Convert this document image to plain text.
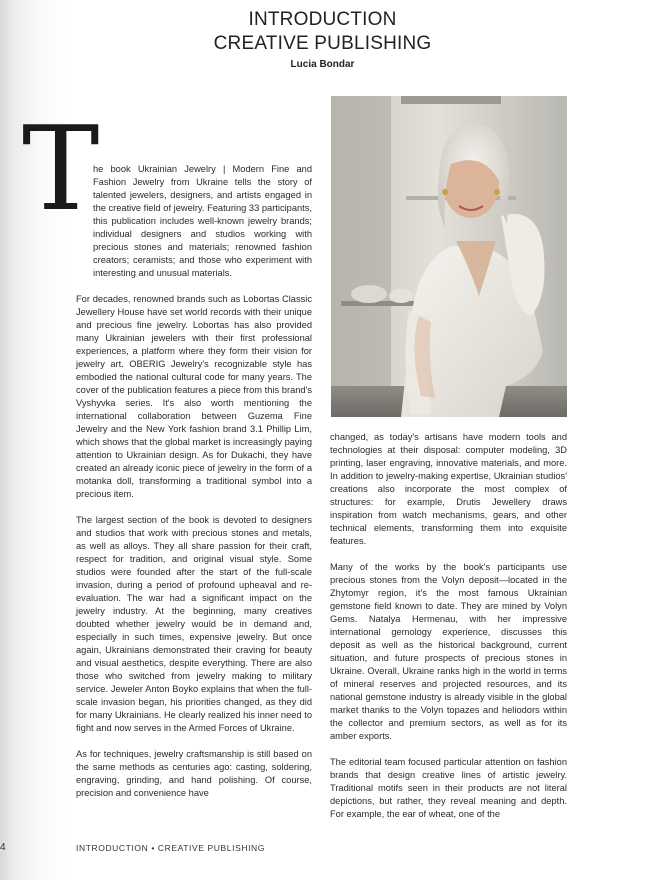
INTRODUCTION
CREATIVE PUBLISHING
Lucia Bondar
T

he book Ukrainian Jewelry | Modern Fine and Fashion Jewelry from Ukraine tells the story of talented jewelers, designers, and artists engaged in the creative field of jewelry. Featuring 33 participants, this publication includes well-known jewelry brands; individual designers and studios working with precious stones and materials; renowned fashion creators; ceramists; and those who experiment with interesting and unusual materials.

For decades, renowned brands such as Lobortas Classic Jewellery House have set world records with their unique and precious fine jewelry. Lobortas has also provided many Ukrainian jewelers with their first professional experiences, a platform where they form their vision for jewelry art. OBERIG Jewelry's recognizable style has embodied the national cultural code for many years. The cover of the publication features a piece from this brand's Vyshyvka series. It's also worth mentioning the international collaboration between Guzema Fine Jewelry and the New York fashion brand 3.1 Phillip Lim, which shows that the global market is increasingly paying attention to Ukrainian design. As for Dukachi, they have created an already iconic piece of jewelry in the form of a motanka doll, transforming a traditional symbol into a precious item.

The largest section of the book is devoted to designers and studios that work with precious stones and metals, as well as alloys. They all share passion for their craft, respect for tradition, and original visual style. Some studios were founded after the start of the full-scale invasion, during a period of profound upheaval and re-evaluation. The war had a significant impact on the jewelry industry. At the beginning, many creatives doubted whether jewelry would be in demand and, especially in such times, expensive jewelry. But once again, Ukrainians demonstrated their craving for beauty and visual aesthetics, despite everything. There are also those who switched from jewelry making to military service. Jeweler Anton Boyko explains that when the full-scale invasion began, his priorities changed, as they did for many Ukrainians. He clearly realized his inner need to fight and now serves in the Armed Forces of Ukraine.

As for techniques, jewelry craftsmanship is still based on the same methods as centuries ago: casting, soldering, engraving, grinding, and hand polishing. Of course, precision and convenience have

changed, as today's artisans have modern tools and technologies at their disposal: computer modeling, 3D printing, laser engraving, innovative materials, and more. In addition to jewelry-making expertise, Ukrainian studios' creations also incorporate the most complex of structures: for example, Drutis Jewellery draws inspiration from watch mechanisms, gears, and other technical elements, transforming them into exquisite features.

Many of the works by the book's participants use precious stones from the Volyn deposit—located in the Zhytomyr region, it's the most famous Ukrainian gemstone field known to date. They are mined by Volyn Gems. Natalya Hermenau, with her impressive international gemology experience, discusses this deposit as well as the historical background, current situation, and future prospects of precious stones in Ukraine. Overall, Ukraine ranks high in the world in terms of mineral reserves and projected resources, and its national gemstone industry is already visible in the global market thanks to the Volyn topazes and heliodors within the collector and premium sectors, as well as for its amber exports.

The editorial team focused particular attention on fashion brands that design creative lines of artistic jewelry. Traditional motifs seen in their products are not literal depictions, but rather, they reveal meaning and depth. For example, the ear of wheat, one of the

4	INTRODUCTION • CREATIVE PUBLISHING
